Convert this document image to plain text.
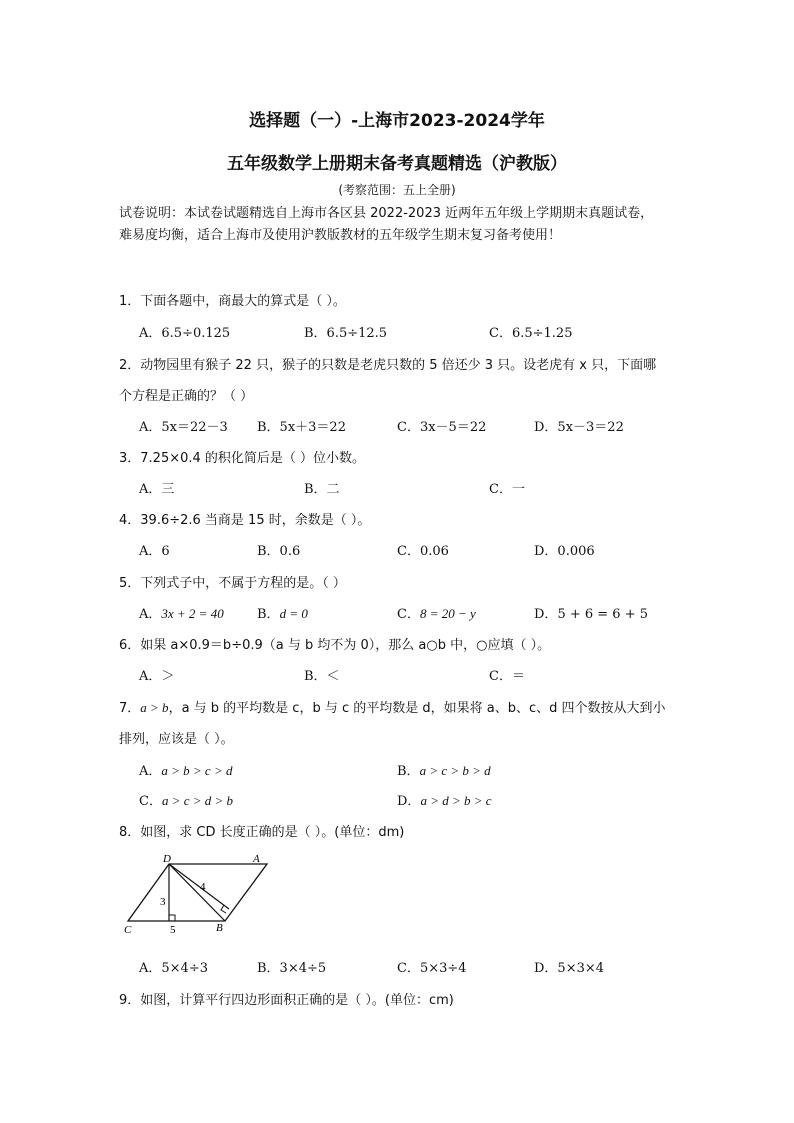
选择题（一）-上海市2023-2024学年
五年级数学上册期末备考真题精选（沪教版）
(考察范围：五上全册)
试卷说明：本试卷试题精选自上海市各区县 2022-2023 近两年五年级上学期期末真题试卷，
难易度均衡，适合上海市及使用沪教版教材的五年级学生期末复习备考使用！
1．下面各题中，商最大的算式是（ ）。
A．6.5÷0.125	B．6.5÷12.5	C．6.5÷1.25
2．动物园里有猴子 22 只，猴子的只数是老虎只数的 5 倍还少 3 只。设老虎有 x 只，下面哪
个方程是正确的？（ ）
A．5x＝22－3 B．5x＋3＝22	C．3x－5＝22	D．5x－3＝22
3．7.25×0.4 的积化简后是（ ）位小数。
A．三	B．二	C．一
4．39.6÷2.6 当商是 15 时，余数是（ ）。
A．6	B．0.6	C．0.06	D．0.006
5．下列式子中，不属于方程的是。（ ）
A．3x + 2 = 40	B．d = 0	C．8 = 20 − y	D．5 + 6 = 6 + 5
6．如果 a×0.9＝b÷0.9（a 与 b 均不为 0），那么 a○b 中，○应填（ ）。
A．＞	B．＜	C．＝
7．a > b，a 与 b 的平均数是 c，b 与 c 的平均数是 d，如果将 a、b、c、d 四个数按从大到小
排列，应该是（ ）。
A．a > b > c > d	B．a > c > b > d
C．a > c > d > b	D．a > d > b > c
8．如图，求 CD 长度正确的是（ ）。(单位：dm)
D	A
C	B
4
3
5
A．5×4÷3	B．3×4÷5	C．5×3÷4	D．5×3×4
9．如图，计算平行四边形面积正确的是（ ）。(单位：cm)
